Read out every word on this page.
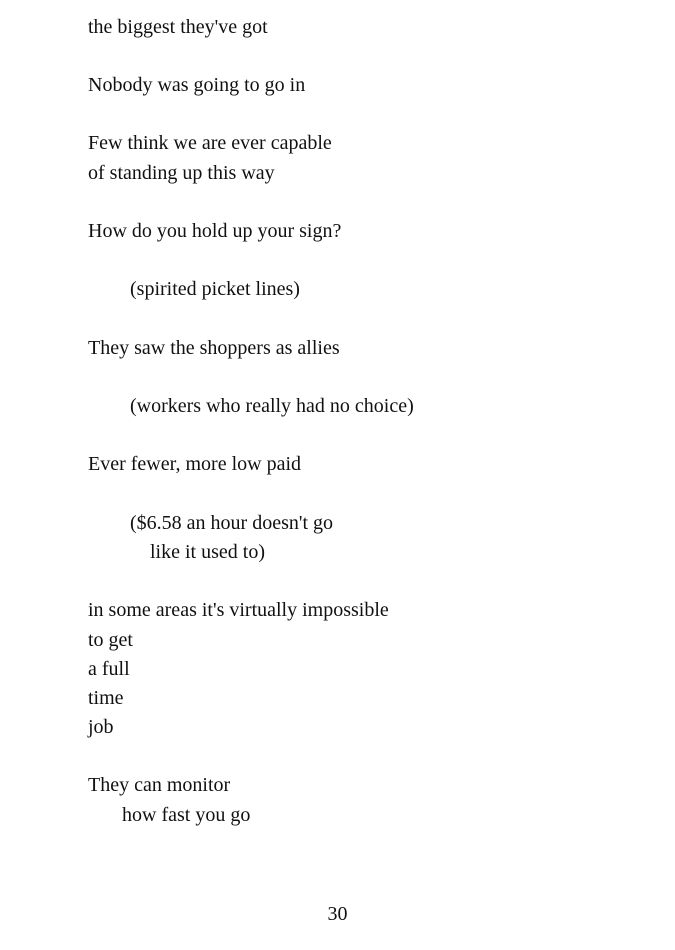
the biggest they've got
Nobody was going to go in
Few think we are ever capable
of standing up this way
How do you hold up your sign?
(spirited picket lines)
They saw the shoppers as allies
(workers who really had no choice)
Ever fewer, more low paid
($6.58 an hour doesn't go
like it used to)
in some areas it's virtually impossible
to get
a full
time
job
They can monitor
how fast you go
30
